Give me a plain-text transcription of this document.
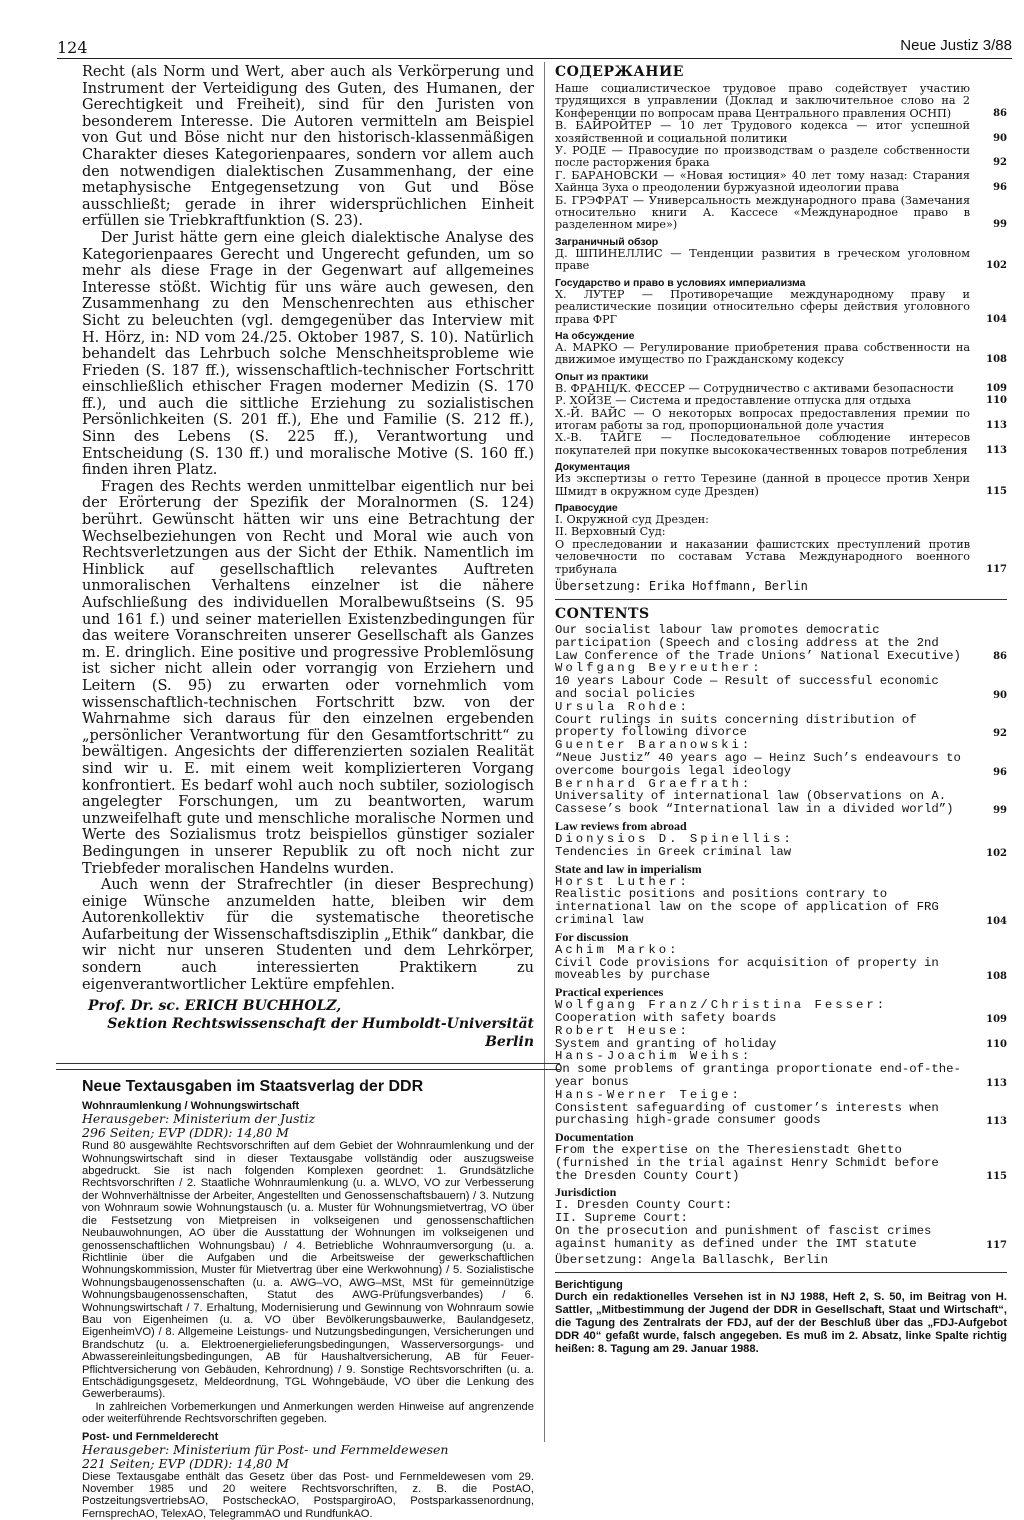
124	Neue Justiz 3/88

Recht (als Norm und Wert, aber auch als Verkörperung und Instrument der Verteidigung des Guten, des Humanen, der Gerechtigkeit und Freiheit), sind für den Juristen von besonderem Interesse. Die Autoren vermitteln am Beispiel von Gut und Böse nicht nur den historisch-klassenmäßigen Charakter dieses Kategorienpaares, sondern vor allem auch den notwendigen dialektischen Zusammenhang, der eine metaphysische Entgegensetzung von Gut und Böse ausschließt; gerade in ihrer widersprüchlichen Einheit erfüllen sie Triebkraftfunktion (S. 23).

Der Jurist hätte gern eine gleich dialektische Analyse des Kategorienpaares Gerecht und Ungerecht gefunden, um so mehr als diese Frage in der Gegenwart auf allgemeines Interesse stößt. Wichtig für uns wäre auch gewesen, den Zusammenhang zu den Menschenrechten aus ethischer Sicht zu beleuchten (vgl. demgegenüber das Interview mit H. Hörz, in: ND vom 24./25. Oktober 1987, S. 10). Natürlich behandelt das Lehrbuch solche Menschheitsprobleme wie Frieden (S. 187 ff.), wissenschaftlich-technischer Fortschritt einschließlich ethischer Fragen moderner Medizin (S. 170 ff.), und auch die sittliche Erziehung zu sozialistischen Persönlichkeiten (S. 201 ff.), Ehe und Familie (S. 212 ff.), Sinn des Lebens (S. 225 ff.), Verantwortung und Entscheidung (S. 130 ff.) und moralische Motive (S. 160 ff.) finden ihren Platz.

Fragen des Rechts werden unmittelbar eigentlich nur bei der Erörterung der Spezifik der Moralnormen (S. 124) berührt. Gewünscht hätten wir uns eine Betrachtung der Wechselbeziehungen von Recht und Moral wie auch von Rechtsverletzungen aus der Sicht der Ethik. Namentlich im Hinblick auf gesellschaftlich relevantes Auftreten unmoralischen Verhaltens einzelner ist die nähere Aufschließung des individuellen Moralbewußtseins (S. 95 und 161 f.) und seiner materiellen Existenzbedingungen für das weitere Voranschreiten unserer Gesellschaft als Ganzes m. E. dringlich. Eine positive und progressive Problemlösung ist sicher nicht allein oder vorrangig von Erziehern und Leitern (S. 95) zu erwarten oder vornehmlich vom wissenschaftlich-technischen Fortschritt bzw. von der Wahrnahme sich daraus für den einzelnen ergebenden „persönlicher Verantwortung für den Gesamtfortschritt“ zu bewältigen. Angesichts der differenzierten sozialen Realität sind wir u. E. mit einem weit komplizierteren Vorgang konfrontiert. Es bedarf wohl auch noch subtiler, soziologisch angelegter Forschungen, um zu beantworten, warum unzweifelhaft gute und menschliche moralische Normen und Werte des Sozialismus trotz beispiellos günstiger sozialer Bedingungen in unserer Republik zu oft noch nicht zur Triebfeder moralischen Handelns wurden.

Auch wenn der Strafrechtler (in dieser Besprechung) einige Wünsche anzumelden hatte, bleiben wir dem Autorenkollektiv für die systematische theoretische Aufarbeitung der Wissenschaftsdisziplin „Ethik“ dankbar, die wir nicht nur unseren Studenten und dem Lehrkörper, sondern auch interessierten Praktikern zu eigenverantwortlicher Lektüre empfehlen.

Prof. Dr. sc. ERICH BUCHHOLZ,
Sektion Rechtswissenschaft der Humboldt-Universität Berlin
Neue Textausgaben im Staatsverlag der DDR
Wohnraumlenkung / Wohnungswirtschaft
Herausgeber: Ministerium der Justiz
296 Seiten; EVP (DDR): 14,80 M
Rund 80 ausgewählte Rechtsvorschriften auf dem Gebiet der Wohnraumlenkung und der Wohnungswirtschaft sind in dieser Textausgabe vollständig oder auszugsweise abgedruckt. Sie ist nach folgenden Komplexen geordnet: 1. Grundsätzliche Rechtsvorschriften / 2. Staatliche Wohnraumlenkung (u. a. WLVO, VO zur Verbesserung der Wohnverhältnisse der Arbeiter, Angestellten und Genossenschaftsbauern) / 3. Nutzung von Wohnraum sowie Wohnungstausch (u. a. Muster für Wohnungsmietvertrag, VO über die Festsetzung von Mietpreisen in volkseigenen und genossenschaftlichen Neubauwohnungen, AO über die Ausstattung der Wohnungen im volkseigenen und genossenschaftlichen Wohnungsbau) / 4. Betriebliche Wohnraumversorgung (u. a. Richtlinie über die Aufgaben und die Arbeitsweise der gewerkschaftlichen Wohnungskommission, Muster für Mietvertrag über eine Werkwohnung) / 5. Sozialistische Wohnungsbaugenossenschaften (u. a. AWG–VO, AWG–MSt, MSt für gemeinnützige Wohnungsbaugenossenschaften, Statut des AWG-Prüfungsverbandes) / 6. Wohnungswirtschaft / 7. Erhaltung, Modernisierung und Gewinnung von Wohnraum sowie Bau von Eigenheimen (u. a. VO über Bevölkerungsbauwerke, Baulandgesetz, EigenheimVO) / 8. Allgemeine Leistungs- und Nutzungsbedingungen, Versicherungen und Brandschutz (u. a. Elektroenergielieferungsbedingungen, Wasserversorgungs- und Abwassereinleitungsbedingungen, AB für Haushaltversicherung, AB für Feuer-Pflichtversicherung von Gebäuden, Kehrordnung) / 9. Sonstige Rechtsvorschriften (u. a. Entschädigungsgesetz, Meldeordnung, TGL Wohngebäude, VO über die Lenkung des Gewerberaums).
In zahlreichen Vorbemerkungen und Anmerkungen werden Hinweise auf angrenzende oder weiterführende Rechtsvorschriften gegeben.
Post- und Fernmelderecht
Herausgeber: Ministerium für Post- und Fernmeldewesen
221 Seiten; EVP (DDR): 14,80 M
Diese Textausgabe enthält das Gesetz über das Post- und Fernmeldewesen vom 29. November 1985 und 20 weitere Rechtsvorschriften, z. B. die PostAO, PostzeitungsvertriebsAO, PostscheckAO, PostspargiroAO, Postsparkassenordnung, FernsprechAO, TelexAO, TelegrammAO und RundfunkAO.
СОДЕРЖАНИЕ
Наше социалистическое трудовое право содействует участию трудящихся в управлении (Доклад и заключительное слово на 2 Конференции по вопросам права Центрального правления ОСНП)	86
В. БАЙРОЙТЕР — 10 лет Трудового кодекса — итог успешной хозяйственной и социальной политики	90
У. РОДЕ — Правосудие по производствам о разделе собственности после расторжения брака	92
Г. БАРАНОВСКИ — «Новая юстиция» 40 лет тому назад: Старания Хайнца Зуха о преодолении буржуазной идеологии права	96
Б. ГРЭФРАТ — Универсальность международного права (Замечания относительно книги А. Кассесе «Международное право в разделенном мире»)	99
Заграничный обзор
Д. ШПИНЕЛЛИС — Тенденции развития в греческом уголовном праве	102
Государство и право в условиях империализма
Х. ЛУТЕР — Противоречащие международному праву и реалистические позиции относительно сферы действия уголовного права ФРГ	104
На обсуждение
А. МАРКО — Регулирование приобретения права собственности на движимое имущество по Гражданскому кодексу	108
Опыт из практики
В. ФРАНЦ/К. ФЕССЕР — Сотрудничество с активами безопасности	109
Р. ХОЙЗЕ — Система и предоставление отпуска для отдыха	110
Х.-Й. ВАЙС — О некоторых вопросах предоставления премии по итогам работы за год, пропорциональной доле участия	113
Х.-В. ТАЙГЕ — Последовательное соблюдение интересов покупателей при покупке высококачественных товаров потребления 113
Документация
Из экспертизы о гетто Терезине (данной в процессе против Хенри Шмидт в окружном суде Дрезден)	115
Правосудие
I. Окружной суд Дрезден:
II. Верховный Суд:
О преследовании и наказании фашистских преступлений против человечности по составам Устава Международного военного трибунала	117
Übersetzung: Erika Hoffmann, Berlin
CONTENTS
Our socialist labour law promotes democratic participation (Speech and closing address at the 2nd Law Conference of the Trade Unions’ National Executive)	86
Wolfgang Beyreuther:
10 years Labour Code — Result of successful economic and social policies	90
Ursula Rohde:
Court rulings in suits concerning distribution of property following divorce	92
Guenter Baranowski:
“Neue Justiz” 40 years ago — Heinz Such’s endeavours to overcome bourgois legal ideology	96
Bernhard Graefrath:
Universality of international law (Observations on A. Cassese’s book “International law in a divided world”)	99
Law reviews from abroad
Dionysios D. Spinellis:
Tendencies in Greek criminal law	102
State and law in imperialism
Horst Luther:
Realistic positions and positions contrary to international law on the scope of application of FRG criminal law	104
For discussion
Achim Marko:
Civil Code provisions for acquisition of property in moveables by purchase	108
Practical experiences
Wolfgang Franz/Christina Fesser:
Cooperation with safety boards	109
Robert Heuse:
System and granting of holiday	110
Hans-Joachim Weihs:
On some problems of grantinga proportionate end-of-the-year bonus	113
Hans-Werner Teige:
Consistent safeguarding of customer’s interests when purchasing high-grade consumer goods	113
Documentation
From the expertise on the Theresienstadt Ghetto (furnished in the trial against Henry Schmidt before the Dresden County Court)	115
Jurisdiction
I. Dresden County Court:
II. Supreme Court:
On the prosecution and punishment of fascist crimes against humanity as defined under the IMT statute	117
Übersetzung: Angela Ballaschk, Berlin
Berichtigung
Durch ein redaktionelles Versehen ist in NJ 1988, Heft 2, S. 50, im Beitrag von H. Sattler, „Mitbestimmung der Jugend der DDR in Gesellschaft, Staat und Wirtschaft“, die Tagung des Zentralrats der FDJ, auf der der Beschluß über das „FDJ-Aufgebot DDR 40“ gefaßt wurde, falsch angegeben. Es muß im 2. Absatz, linke Spalte richtig heißen: 8. Tagung am 29. Januar 1988.
